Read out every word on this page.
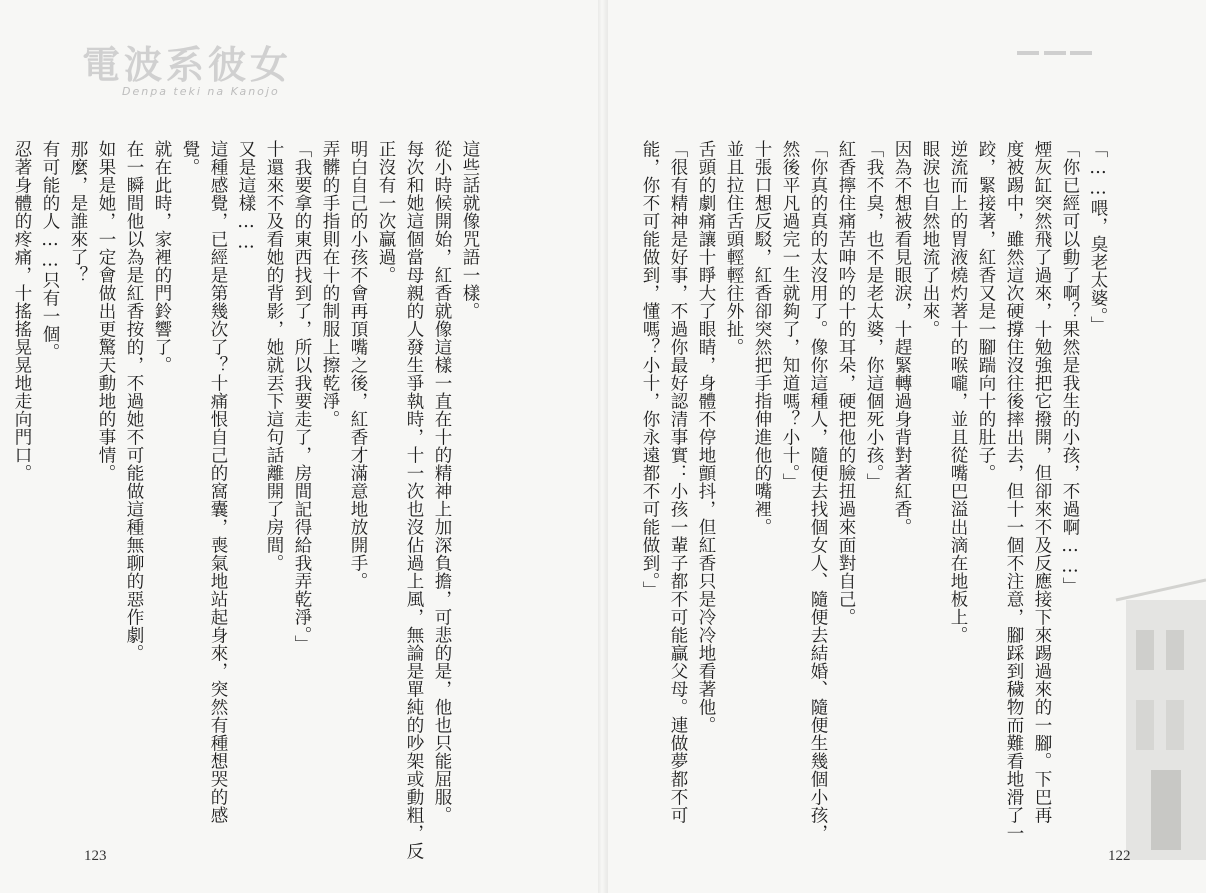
電波系彼女
Denpa teki na Kanojo

這些話就像咒語一樣。

從小時候開始，紅香就像這樣一直在十的精神上加深負擔，可悲的是，他也只能屈服。

每次和她這個當母親的人發生爭執時，十一次也沒佔過上風，無論是單純的吵架或動粗，反

正沒有一次贏過。

明白自己的小孩不會再頂嘴之後，紅香才滿意地放開手。

弄髒的手指則在十的制服上擦乾淨。

「我要拿的東西找到了，所以我要走了，房間記得給我弄乾淨。」

十還來不及看她的背影，她就丟下這句話離開了房間。

又是這樣……

這種感覺，已經是第幾次了？十痛恨自己的窩囊，喪氣地站起身來，突然有種想哭的感

覺。

就在此時，家裡的門鈴響了。

在一瞬間他以為是紅香按的，不過她不可能做這種無聊的惡作劇。

如果是她，一定會做出更驚天動地的事情。

那麼，是誰來了？

有可能的人……只有一個。

忍著身體的疼痛，十搖搖晃晃地走向門口。	「……喂，臭老太婆。」

「你已經可以動了啊？果然是我生的小孩，不過啊……」

煙灰缸突然飛了過來，十勉強把它撥開，但卻來不及反應接下來踢過來的一腳。下巴再

度被踢中，雖然這次硬撐住沒往後摔出去，但十一個不注意，腳踩到穢物而難看地滑了一

跤，緊接著，紅香又是一腳踹向十的肚子。

逆流而上的胃液燒灼著十的喉嚨，並且從嘴巴溢出滴在地板上。

眼淚也自然地流了出來。

因為不想被看見眼淚，十趕緊轉過身背對著紅香。

「我不臭，也不是老太婆，你這個死小孩。」

紅香擰住痛苦呻吟的十的耳朵，硬把他的臉扭過來面對自己。

「你真的真的太沒用了。像你這種人，隨便去找個女人、隨便去結婚、隨便生幾個小孩，

然後平凡過完一生就夠了，知道嗎？小十。」

十張口想反駁，紅香卻突然把手指伸進他的嘴裡。

並且拉住舌頭輕輕往外扯。

舌頭的劇痛讓十睜大了眼睛，身體不停地顫抖，但紅香只是冷冷地看著他。

「很有精神是好事，不過你最好認清事實：小孩一輩子都不可能贏父母。連做夢都不可

能，你不可能做到，懂嗎？小十，你永遠都不可能做到。」

123	122
